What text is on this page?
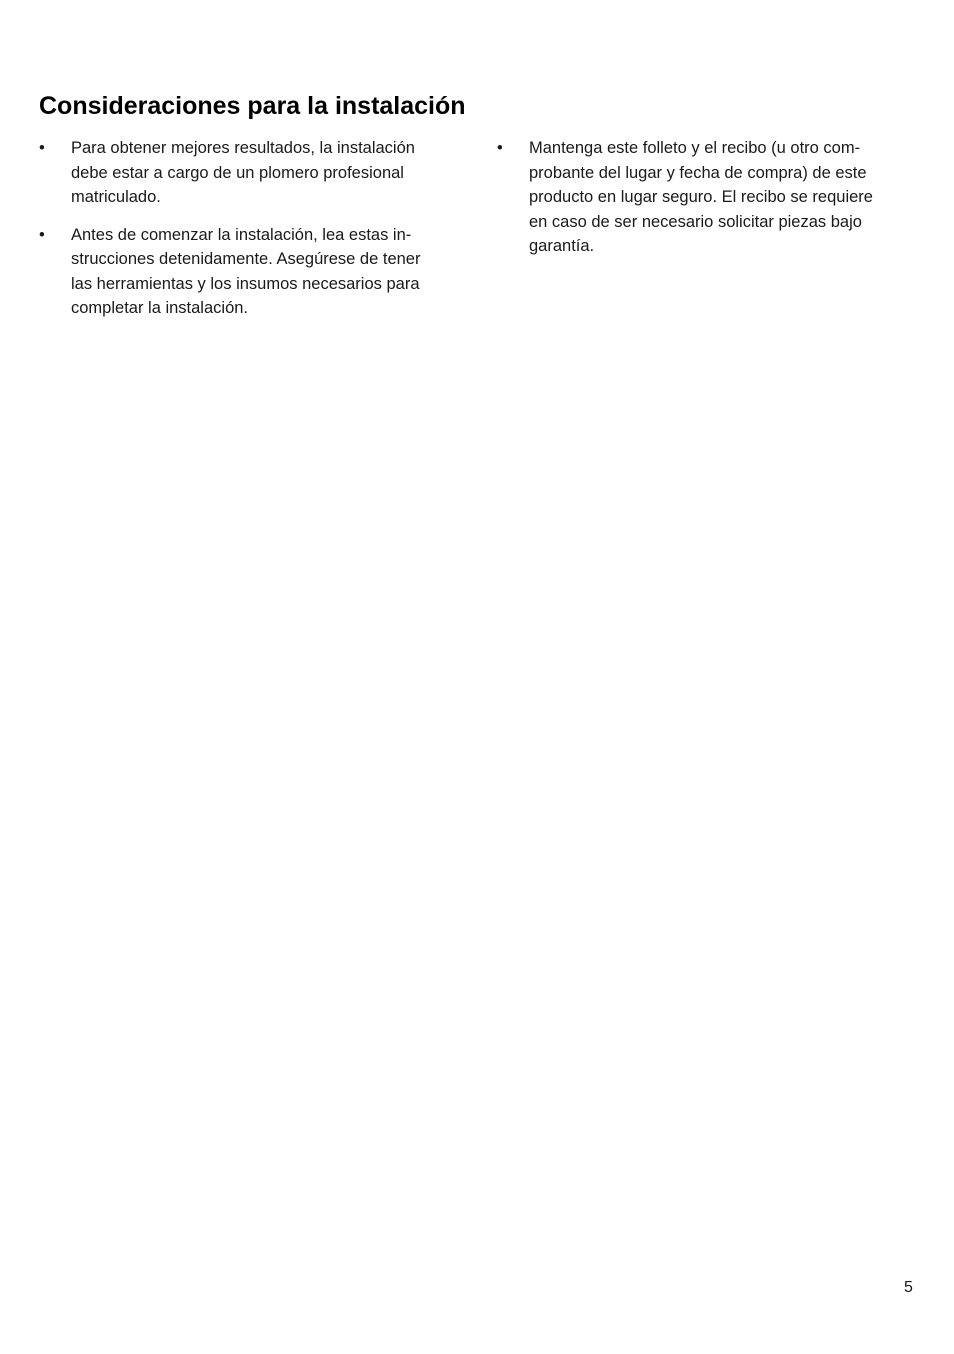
Consideraciones para la instalación
•	Para obtener mejores resultados, la instalación
debe estar a cargo de un plomero profesional
matriculado.
•	Antes de comenzar la instalación, lea estas in-
strucciones detenidamente. Asegúrese de tener
las herramientas y los insumos necesarios para
completar la instalación.
•	Mantenga este folleto y el recibo (u otro com-
probante del lugar y fecha de compra) de este
producto en lugar seguro. El recibo se requiere
en caso de ser necesario solicitar piezas bajo
garantía.
5
